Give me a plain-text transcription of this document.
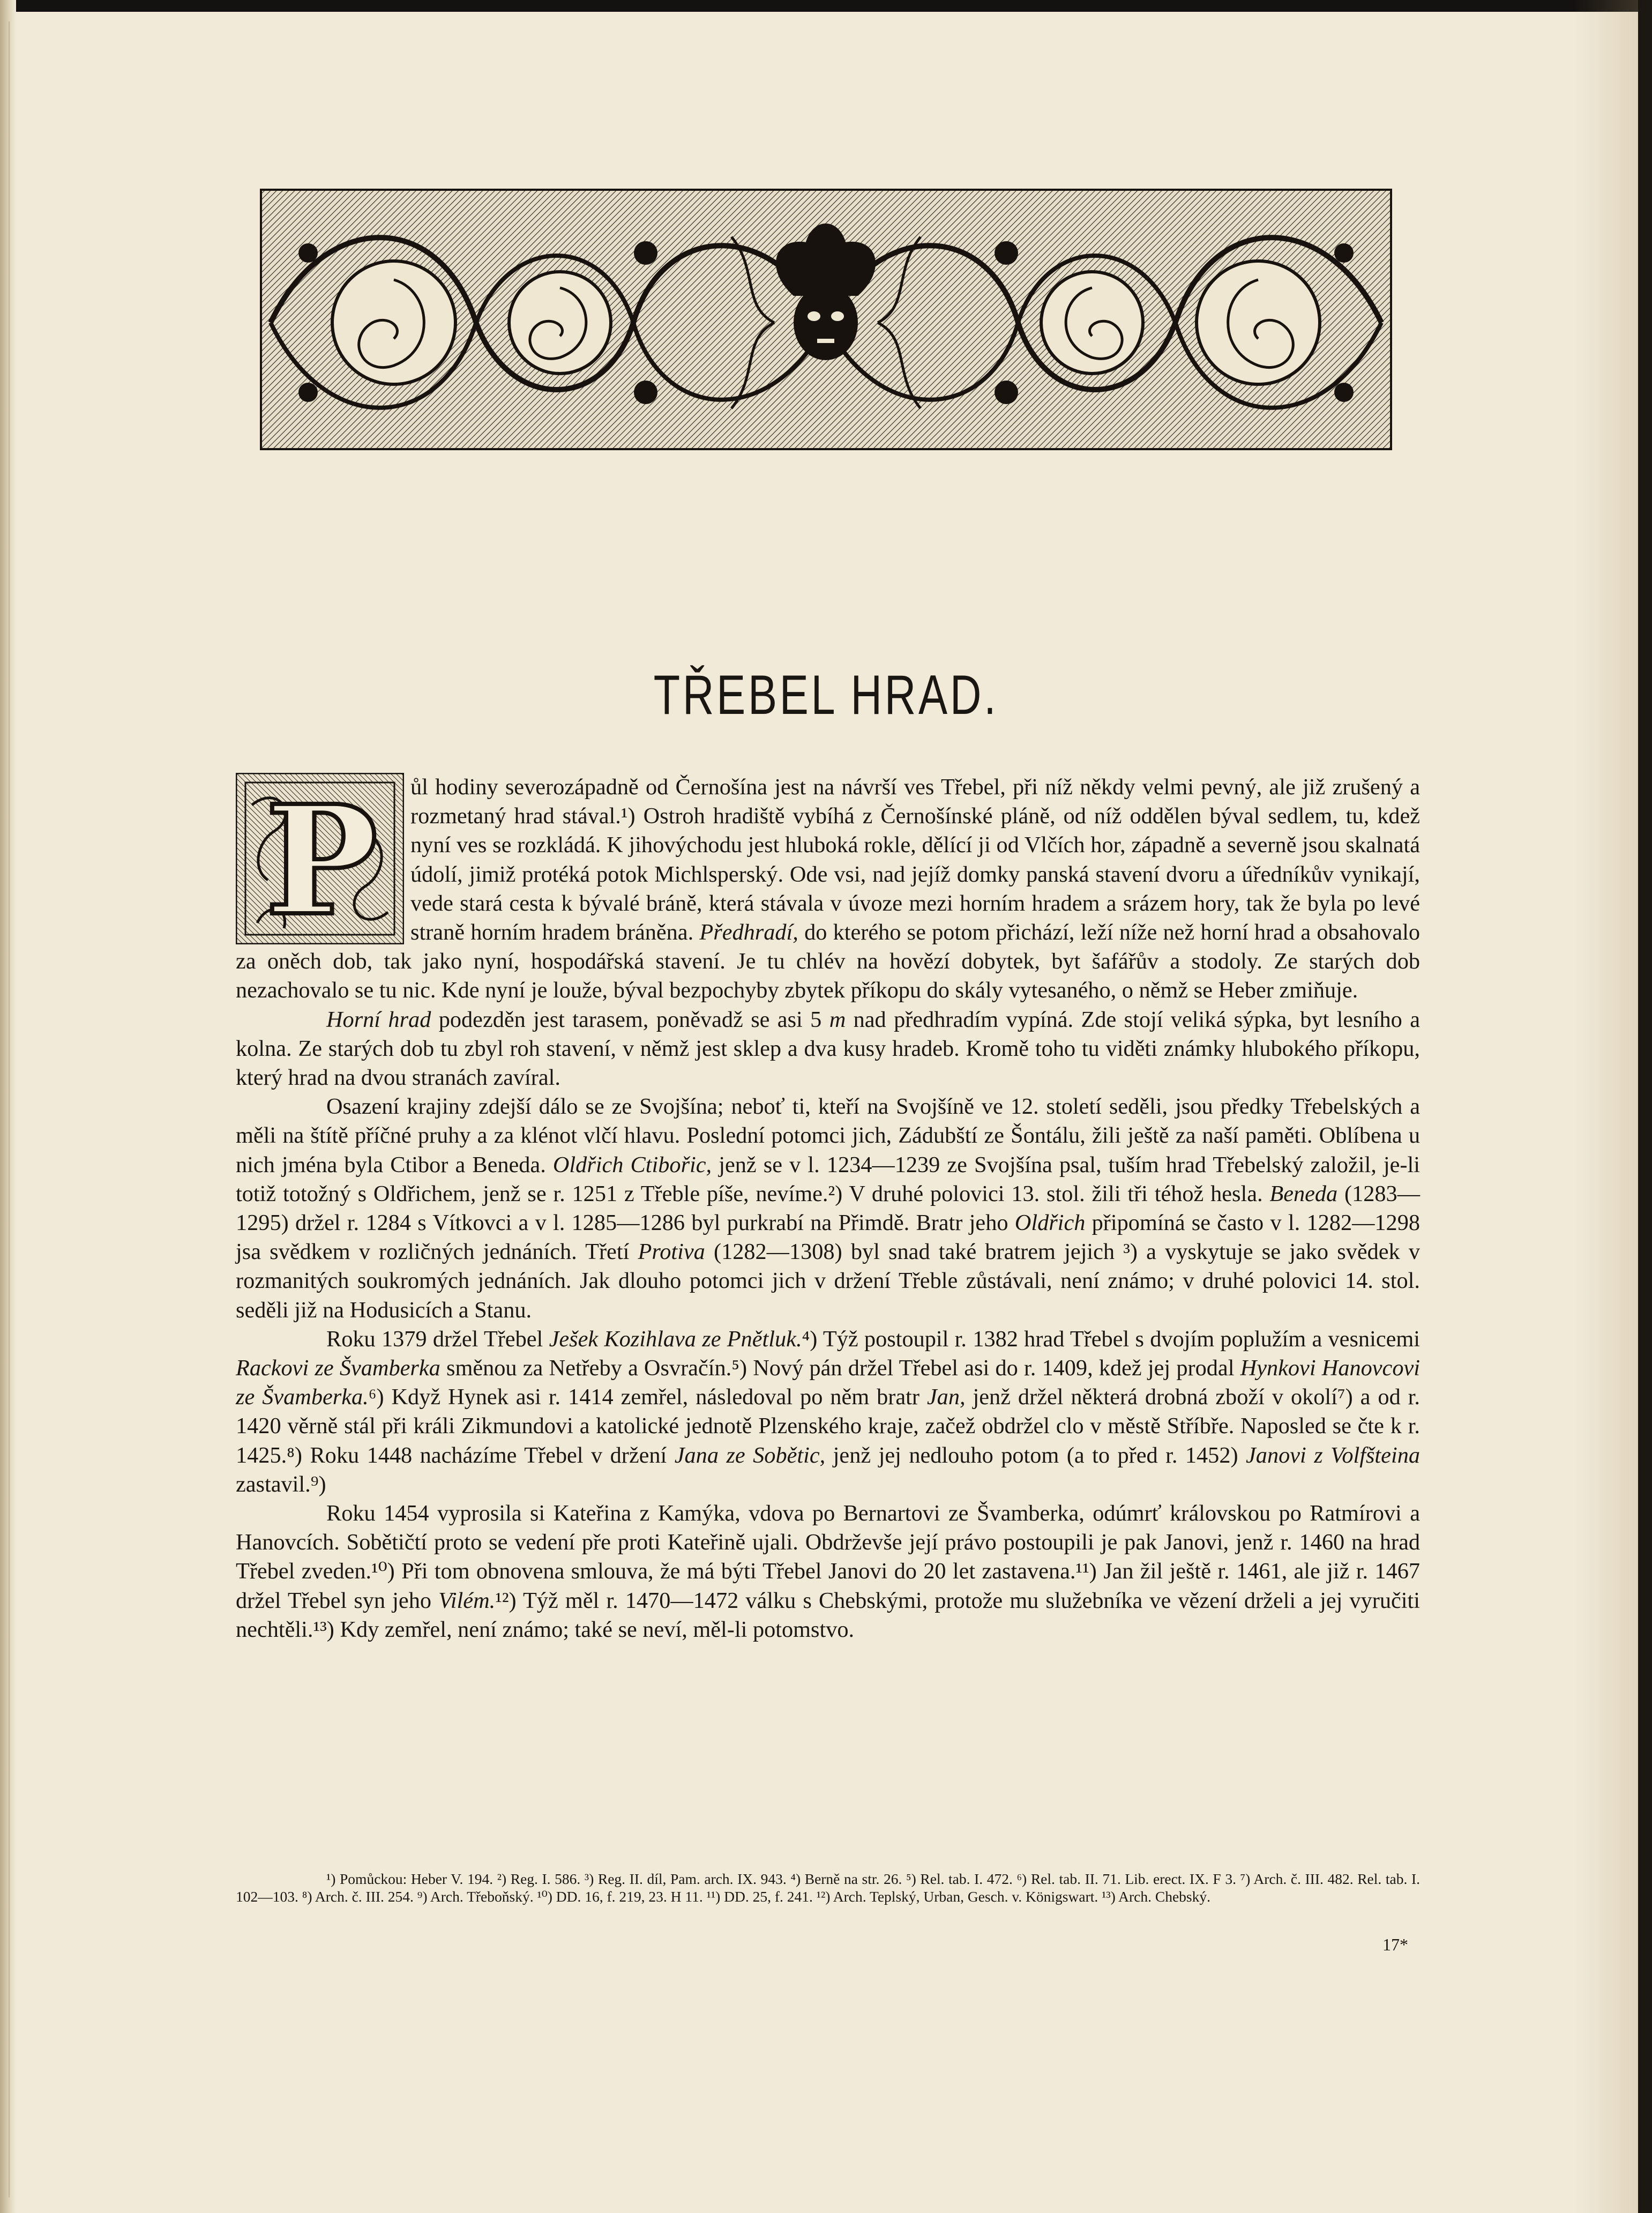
TŘEBEL HRAD.

P ůl hodiny severozápadně od Černošína jest na návrší ves Třebel, při níž někdy velmi pevný, ale již zrušený a rozmetaný hrad stával.¹) Ostroh hradiště vybíhá z Černošínské pláně, od níž oddělen býval sedlem, tu, kdež nyní ves se rozkládá. K jihovýchodu jest hluboká rokle, dělící ji od Vlčích hor, západně a severně jsou skalnatá údolí, jimiž protéká potok Michlsperský. Ode vsi, nad jejíž domky panská stavení dvoru a úředníkův vynikají, vede stará cesta k bývalé bráně, která stávala v úvoze mezi horním hradem a srázem hory, tak že byla po levé straně horním hradem bráněna. Předhradí, do kterého se potom přichází, leží níže než horní hrad a obsahovalo za oněch dob, tak jako nyní, hospodářská stavení. Je tu chlév na hovězí dobytek, byt šafářův a stodoly. Ze starých dob nezachovalo se tu nic. Kde nyní je louže, býval bezpochyby zbytek příkopu do skály vytesaného, o němž se Heber zmiňuje.

Horní hrad podezděn jest tarasem, poněvadž se asi 5 m nad předhradím vypíná. Zde stojí veliká sýpka, byt lesního a kolna. Ze starých dob tu zbyl roh stavení, v němž jest sklep a dva kusy hradeb. Kromě toho tu viděti známky hlubokého příkopu, který hrad na dvou stranách zavíral.

Osazení krajiny zdejší dálo se ze Svojšína; neboť ti, kteří na Svojšíně ve 12. století seděli, jsou předky Třebelských a měli na štítě příčné pruhy a za klénot vlčí hlavu. Poslední potomci jich, Zádubští ze Šontálu, žili ještě za naší paměti. Oblíbena u nich jména byla Ctibor a Beneda. Oldřich Ctibořic, jenž se v l. 1234—1239 ze Svojšína psal, tuším hrad Třebelský založil, je-li totiž totožný s Oldřichem, jenž se r. 1251 z Třeble píše, nevíme.²) V druhé polovici 13. stol. žili tři téhož hesla. Beneda (1283—1295) držel r. 1284 s Vítkovci a v l. 1285—1286 byl purkrabí na Přimdě. Bratr jeho Oldřich připomíná se často v l. 1282—1298 jsa svědkem v rozličných jednáních. Třetí Protiva (1282—1308) byl snad také bratrem jejich ³) a vyskytuje se jako svědek v rozmanitých soukromých jednáních. Jak dlouho potomci jich v držení Třeble zůstávali, není známo; v druhé polovici 14. stol. seděli již na Hodusicích a Stanu.

Roku 1379 držel Třebel Ješek Kozihlava ze Pnětluk.⁴) Týž postoupil r. 1382 hrad Třebel s dvojím poplužím a vesnicemi Rackovi ze Švamberka směnou za Netřeby a Osvračín.⁵) Nový pán držel Třebel asi do r. 1409, kdež jej prodal Hynkovi Hanovcovi ze Švamberka.⁶) Když Hynek asi r. 1414 zemřel, následoval po něm bratr Jan, jenž držel některá drobná zboží v okolí⁷) a od r. 1420 věrně stál při králi Zikmundovi a katolické jednotě Plzenského kraje, začež obdržel clo v městě Stříbře. Naposled se čte k r. 1425.⁸) Roku 1448 nacházíme Třebel v držení Jana ze Sobětic, jenž jej nedlouho potom (a to před r. 1452) Janovi z Volfšteina zastavil.⁹)

Roku 1454 vyprosila si Kateřina z Kamýka, vdova po Bernartovi ze Švamberka, odúmrť královskou po Ratmírovi a Hanovcích. Sobětičtí proto se vedení pře proti Kateřině ujali. Obdrževše její právo postoupili je pak Janovi, jenž r. 1460 na hrad Třebel zveden.¹⁰) Při tom obnovena smlouva, že má býti Třebel Janovi do 20 let zastavena.¹¹) Jan žil ještě r. 1461, ale již r. 1467 držel Třebel syn jeho Vilém.¹²) Týž měl r. 1470—1472 válku s Chebskými, protože mu služebníka ve vězení drželi a jej vyručiti nechtěli.¹³) Kdy zemřel, není známo; také se neví, měl-li potomstvo.

¹) Pomůckou: Heber V. 194. ²) Reg. I. 586. ³) Reg. II. díl, Pam. arch. IX. 943. ⁴) Berně na str. 26. ⁵) Rel. tab. I. 472. ⁶) Rel. tab. II. 71. Lib. erect. IX. F 3. ⁷) Arch. č. III. 482. Rel. tab. I. 102—103. ⁸) Arch. č. III. 254. ⁹) Arch. Třeboňský. ¹⁰) DD. 16, f. 219, 23. H 11. ¹¹) DD. 25, f. 241. ¹²) Arch. Teplský, Urban, Gesch. v. Königswart. ¹³) Arch. Chebský.

17*
